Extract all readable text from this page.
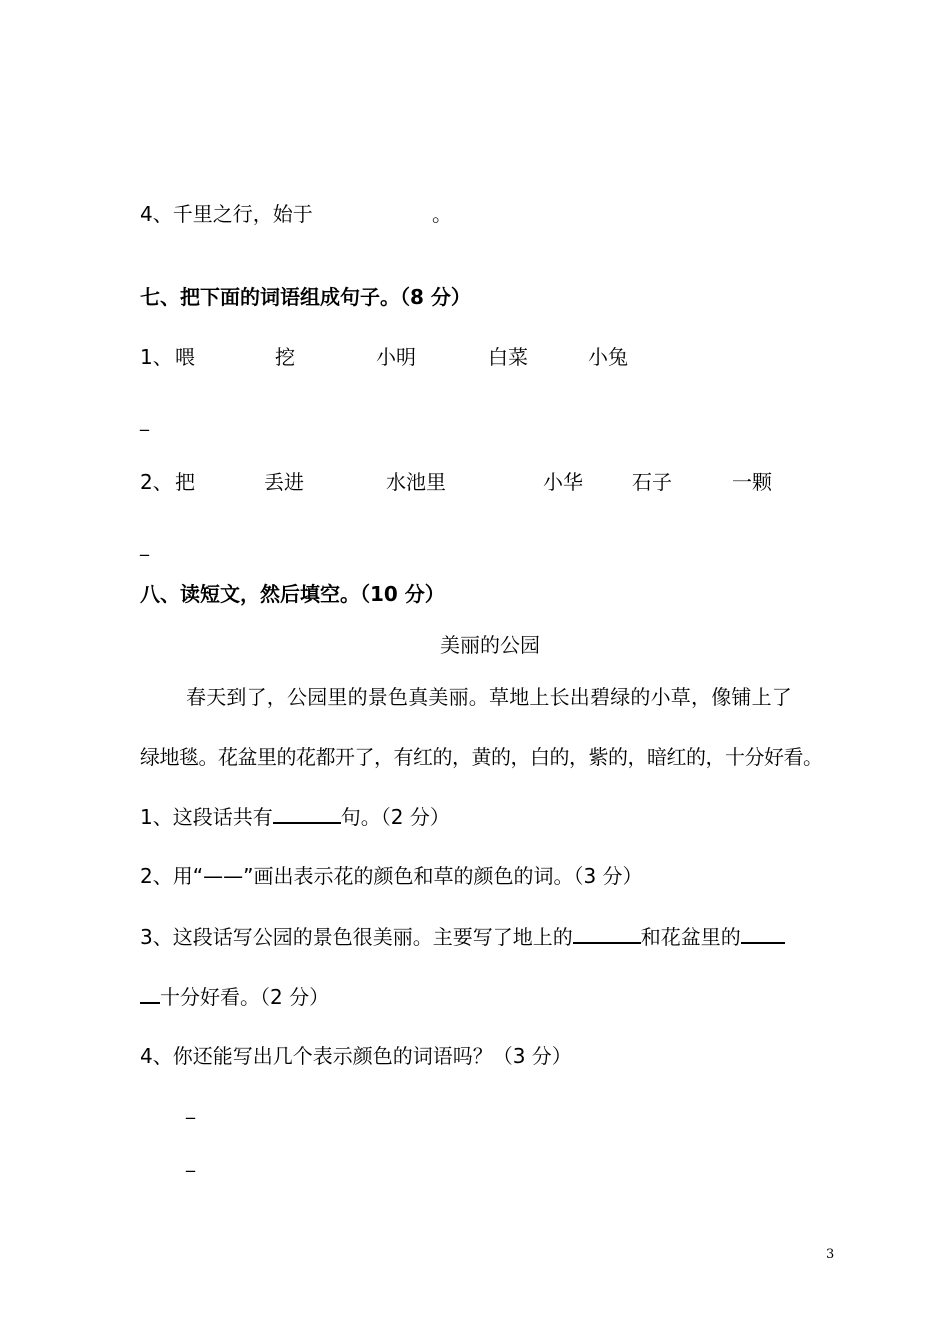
4、千里之行，始于	。
七、把下面的词语组成句子。（8 分）
1、 喂	挖	小明	白菜	小兔
_
2、 把	丢进	水池里	小华 石子	一颗
_
八、读短文，然后填空。（10 分）
美丽的公园
春天到了，公园里的景色真美丽。草地上长出碧绿的小草，像铺上了
绿地毯。花盆里的花都开了，有红的，黄的，白的，紫的，暗红的，十分好看。
1、这段话共有	句。（2 分）
2、用“——”画出表示花的颜色和草的颜色的词。（3 分）
3、这段话写公园的景色很美丽。主要写了地上的	和花盆里的
十分好看。（2 分）
4、你还能写出几个表示颜色的词语吗？（3 分）
_
_
3
